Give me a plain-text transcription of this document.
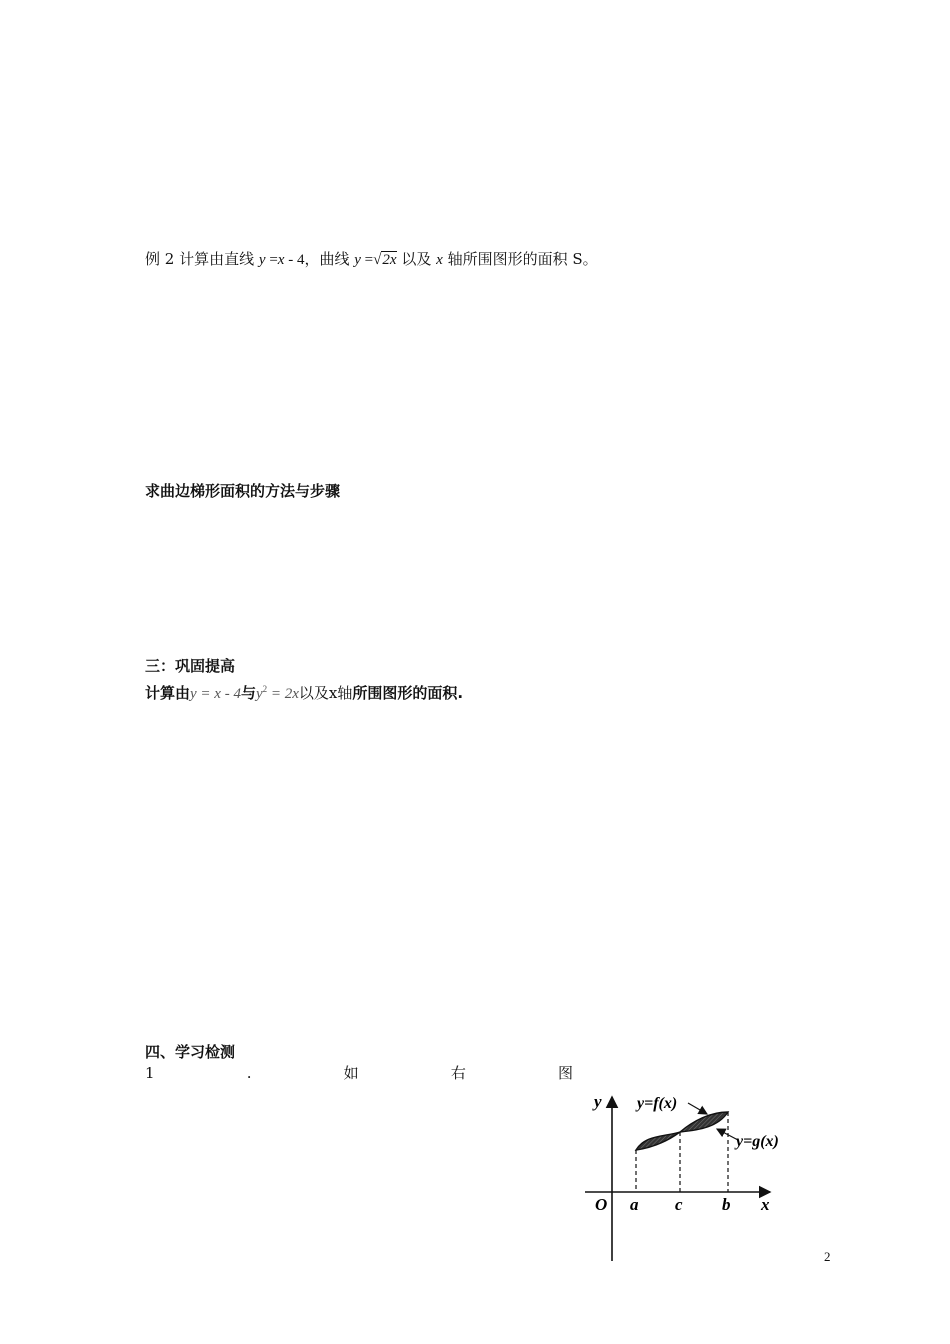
例 2 计算由直线 y =x - 4，曲线 y =√2x 以及 x 轴所围图形的面积 S。
求曲边梯形面积的方法与步骤
三：巩固提高
计算由y = x - 4与$y^2 = 2x$以及x轴所围图形的面积.
四、学习检测
1	.	如	右	图
y
x
O a c b
y=f(x)
y=g(x)
2
